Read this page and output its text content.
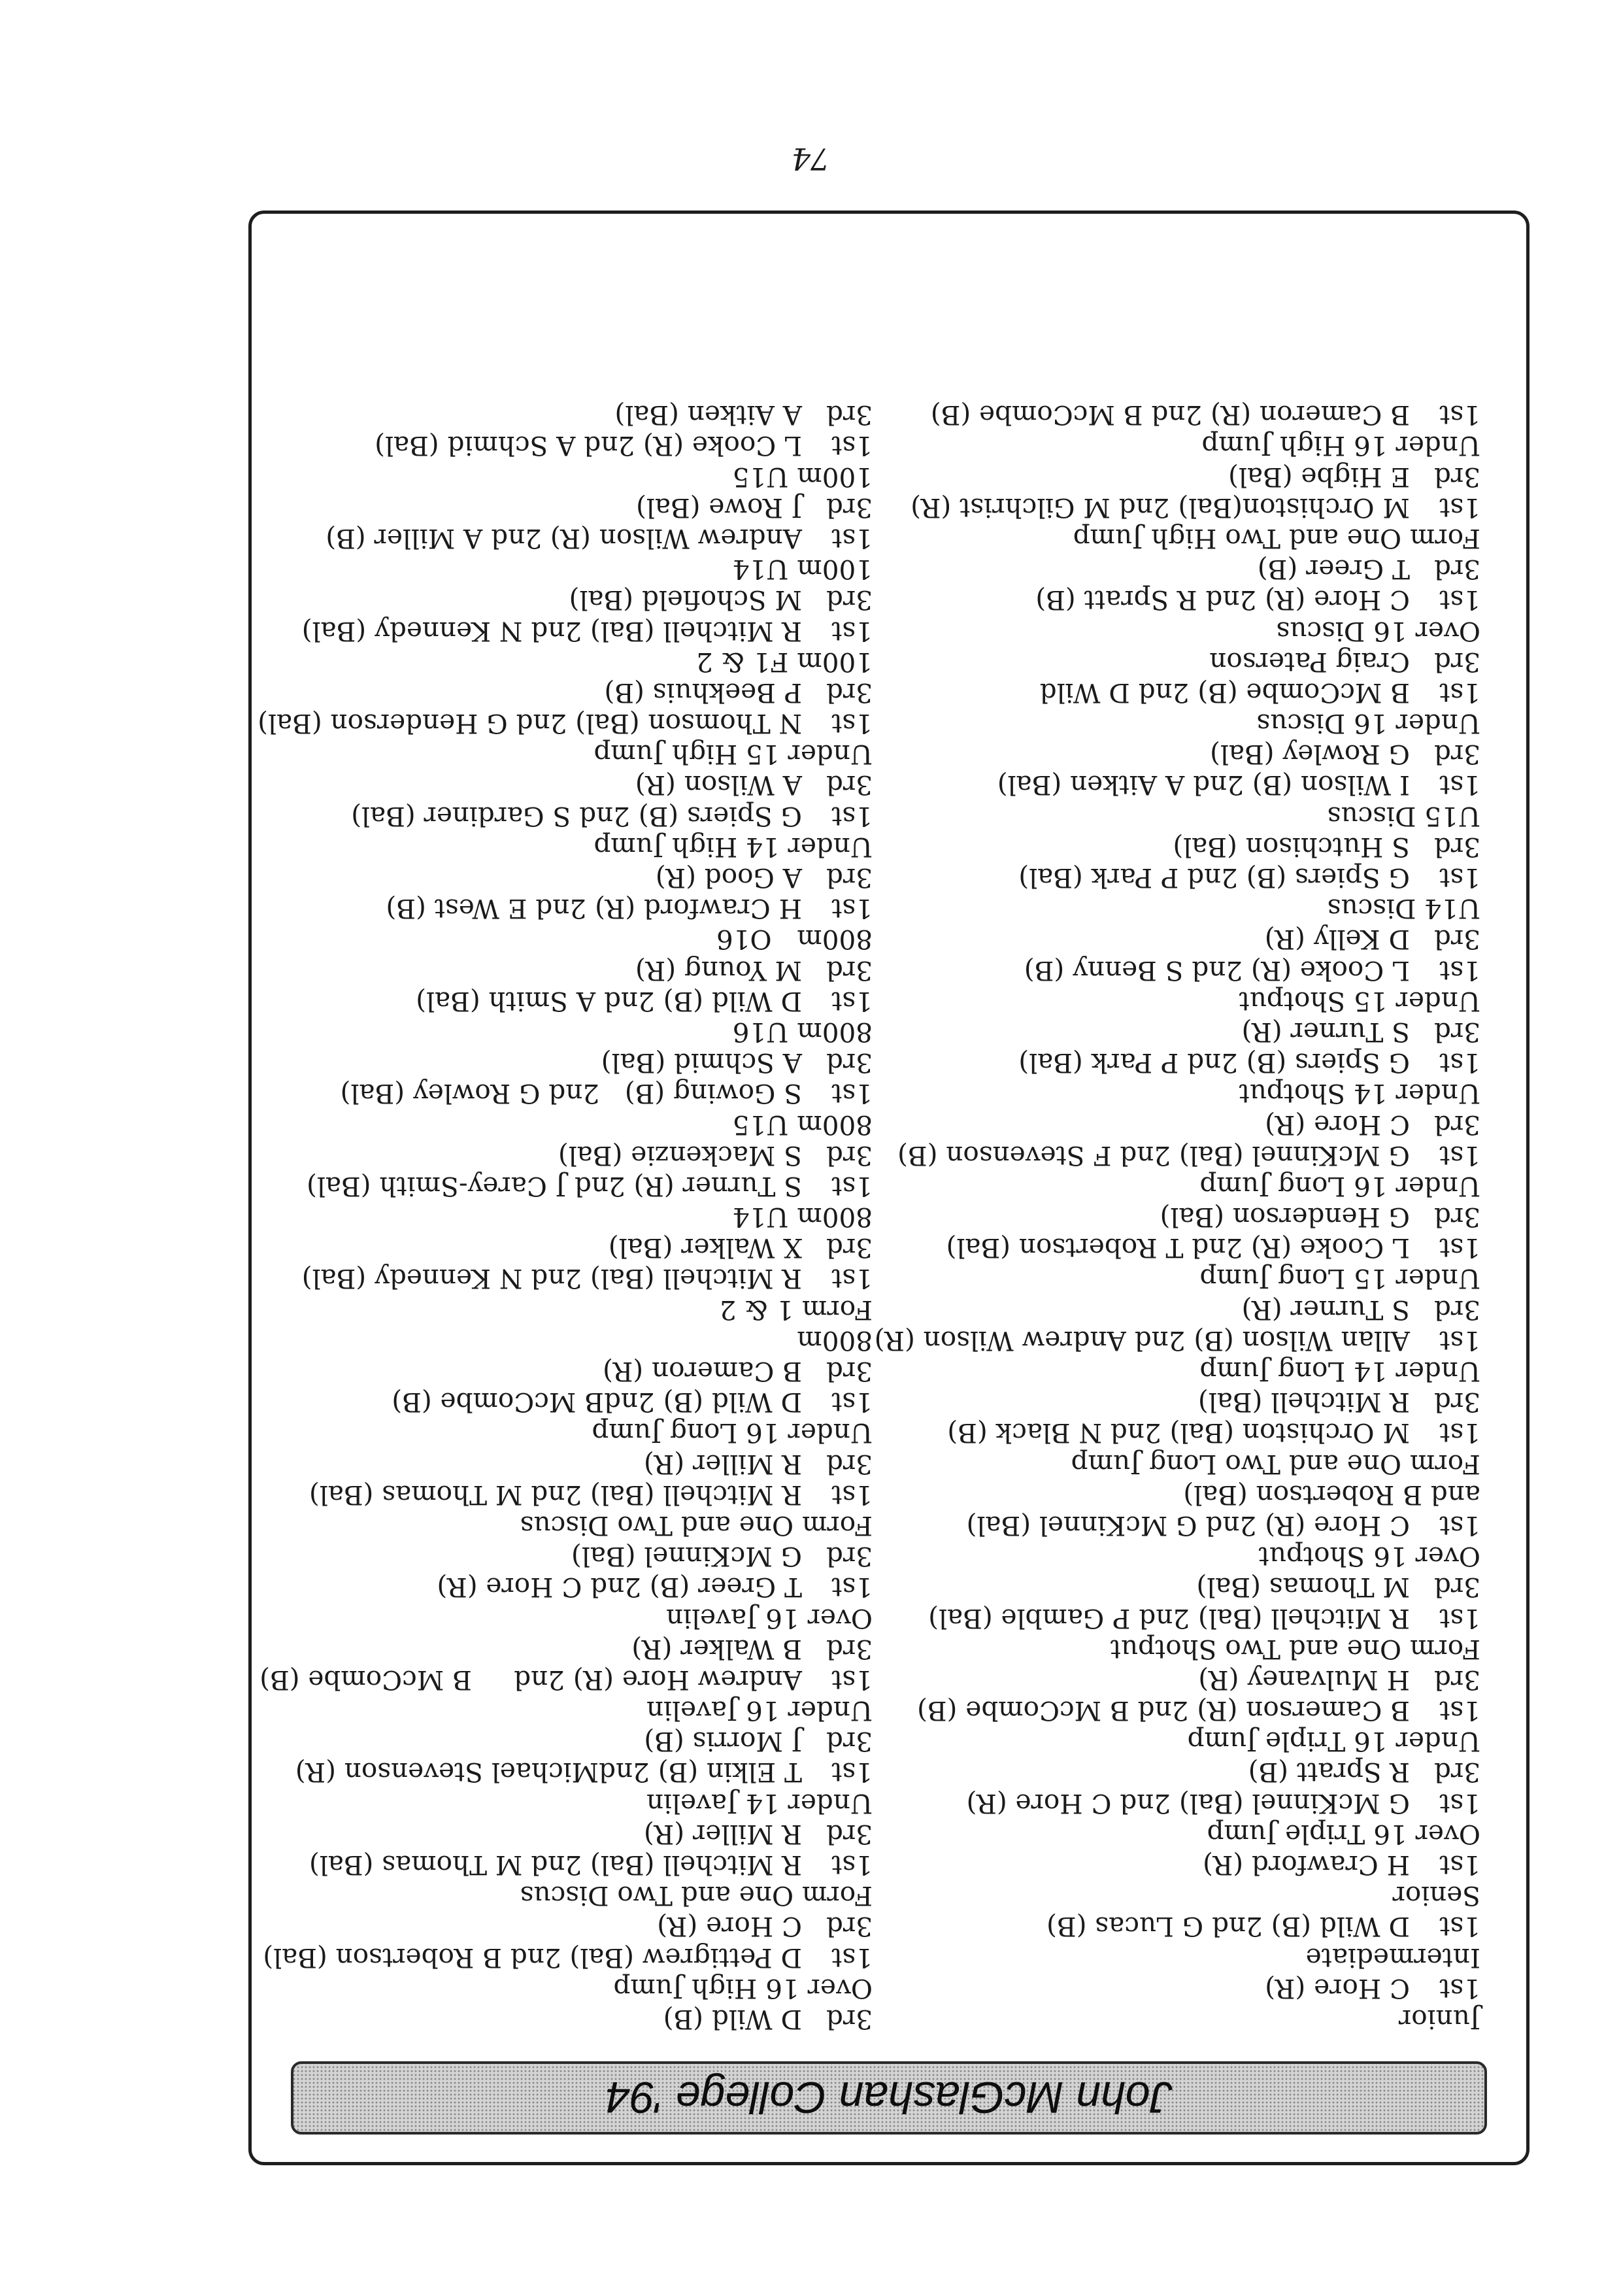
74
John McGlashan College '94
Junior
1stC Hore (R)
Intermediate
1stD Wild (B) 2nd G Lucas (B)
Senior
1stH Crawford (R)
Over 16 Triple Jump
1stG McKinnel (Bal) 2nd C Hore (R)
3rdR Spratt (B)
Under 16 Triple Jump
1stB Camerson (R) 2nd B McCombe (B)
3rdH Mulvaney (R)
Form One and Two Shotput
1stR Mitchell (Bal) 2nd P Gamble (Bal)
3rdM Thomas (Bal)
Over 16 Shotput
1stC Hore (R) 2nd G McKinnel (Bal)
and B Robertson (Bal)
Form One and Two Long Jump
1stM Orchiston (Bal) 2nd N Black (B)
3rdR Mitchell (Bal)
Under 14 Long Jump
1stAllan Wilson (B) 2nd Andrew Wilson (R)
3rdS Turner (R)
Under 15 Long Jump
1stL Cooke (R) 2nd T Robertson (Bal)
3rdG Henderson (Bal)
Under 16 Long Jump
1stG McKinnel (Bal) 2nd F Stevenson (B)
3rdC Hore (R)
Under 14 Shotput
1stG Spiers (B) 2nd P Park (Bal)
3rdS Turner (R)
Under 15 Shotput
1stL Cooke (R) 2nd S Benny (B)
3rdD Kelly (R)
U14 Discus
1stG Spiers (B) 2nd P Park (Bal)
3rdS Hutchison (Bal)
U15 Discus
1stI Wilson (B) 2nd A Aitken (Bal)
3rdG Rowley (Bal)
Under 16 Discus
1stB McCombe (B) 2nd D Wild
3rdCraig Paterson
Over 16 Discus
1stC Hore (R) 2nd R Spratt (B)
3rdT Greer (B)
Form One and Two High Jump
1stM Orchiston(Bal) 2nd M Gilchrist (R)
3rdE Higbe (Bal)
Under 16 High Jump
1stB Cameron (R) 2nd B McCombe (B)
3rdD Wild (B)
Over 16 High Jump
1stD Pettigrew (Bal) 2nd B Robertson (Bal)
3rdC Hore (R)
Form One and Two Discus
1stR Mitchell (Bal) 2nd M Thomas (Bal)
3rdR Miller (R)
Under 14 Javelin
1stT Elkin (B) 2ndMichael Stevenson (R)
3rdJ Morris (B)
Under 16 Javelin
1stAndrew Hore (R) 2nd     B McCombe (B)
3rdB Walker (R)
Over 16 Javelin
1stT Greer (B) 2nd C Hore (R)
3rdG McKinnel (Bal)
Form One and Two Discus
1stR Mitchell (Bal) 2nd M Thomas (Bal)
3rdR Miller (R)
Under 16 Long Jump
1stD Wild (B) 2ndB McCombe (B)
3rdB Cameron (R)
800m
Form 1 & 2
1stR Mitchell (Bal) 2nd N Kennedy (Bal)
3rdX Walker (Bal)
800m U14
1stS Turner (R) 2nd J Carey-Smith (Bal)
3rdS Mackenzie (Bal)
800m U15
1stS Gowing (B)   2nd G Rowley (Bal)
3rdA Schmid (Bal)
800m U16
1stD Wild (B) 2nd A Smith (Bal)
3rdM Young (R)
800m   O16
1stH Crawford (R) 2nd E West (B)
3rdA Good (R)
Under 14 High Jump
1stG Spiers (B) 2nd S Gardiner (Bal)
3rdA Wilson (R)
Under 15 High Jump
1stN Thomson (Bal) 2nd G Henderson (Bal)
3rdP Beekhuis (B)
100m F1 & 2
1stR Mitchell (Bal) 2nd N Kennedy (Bal)
3rdM Schofield (Bal)
100m U14
1stAndrew Wilson (R) 2nd A Miller (B)
3rdJ Rowe (Bal)
100m U15
1stL Cooke (R) 2nd A Schmid (Bal)
3rdA Aitken (Bal)
